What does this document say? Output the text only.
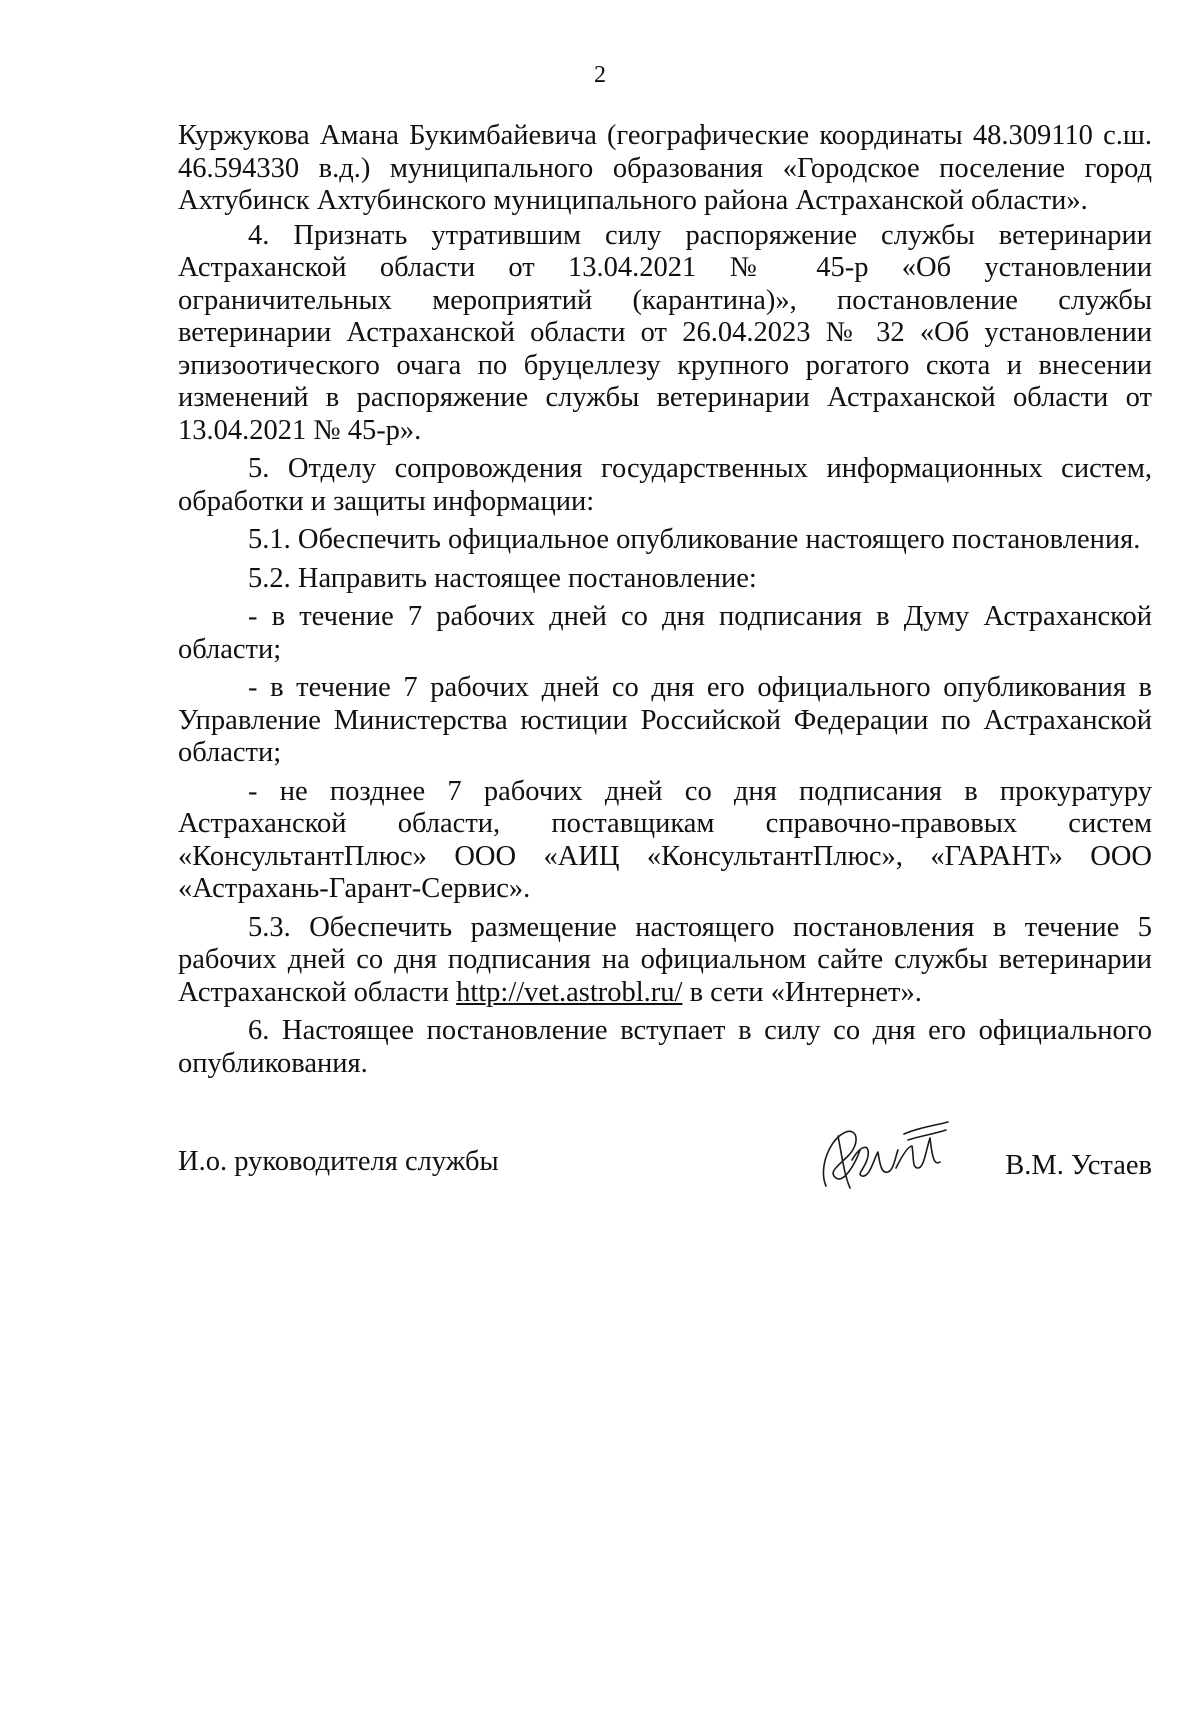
2

Куржукова Амана Букимбайевича (географические координаты 48.309110 с.ш. 46.594330 в.д.) муниципального образования «Городское поселение город Ахтубинск Ахтубинского муниципального района Астраханской области».

4. Признать утратившим силу распоряжение службы ветеринарии Астраханской области от 13.04.2021 № 45-р «Об установлении ограничительных мероприятий (карантина)», постановление службы ветеринарии Астраханской области от 26.04.2023 № 32 «Об установлении эпизоотического очага по бруцеллезу крупного рогатого скота и внесении изменений в распоряжение службы ветеринарии Астраханской области от 13.04.2021 № 45-р».

5. Отделу сопровождения государственных информационных систем, обработки и защиты информации:

5.1. Обеспечить официальное опубликование настоящего постановления.

5.2. Направить настоящее постановление:

- в течение 7 рабочих дней со дня подписания в Думу Астраханской области;

- в течение 7 рабочих дней со дня его официального опубликования в Управление Министерства юстиции Российской Федерации по Астраханской области;

- не позднее 7 рабочих дней со дня подписания в прокуратуру Астраханской области, поставщикам справочно-правовых систем «КонсультантПлюс» ООО «АИЦ «КонсультантПлюс», «ГАРАНТ» ООО «Астрахань-Гарант-Сервис».

5.3. Обеспечить размещение настоящего постановления в течение 5 рабочих дней со дня подписания на официальном сайте службы ветеринарии Астраханской области http://vet.astrobl.ru/ в сети «Интернет».

6. Настоящее постановление вступает в силу со дня его официального опубликования.

И.о. руководителя службы	В.М. Устаев
